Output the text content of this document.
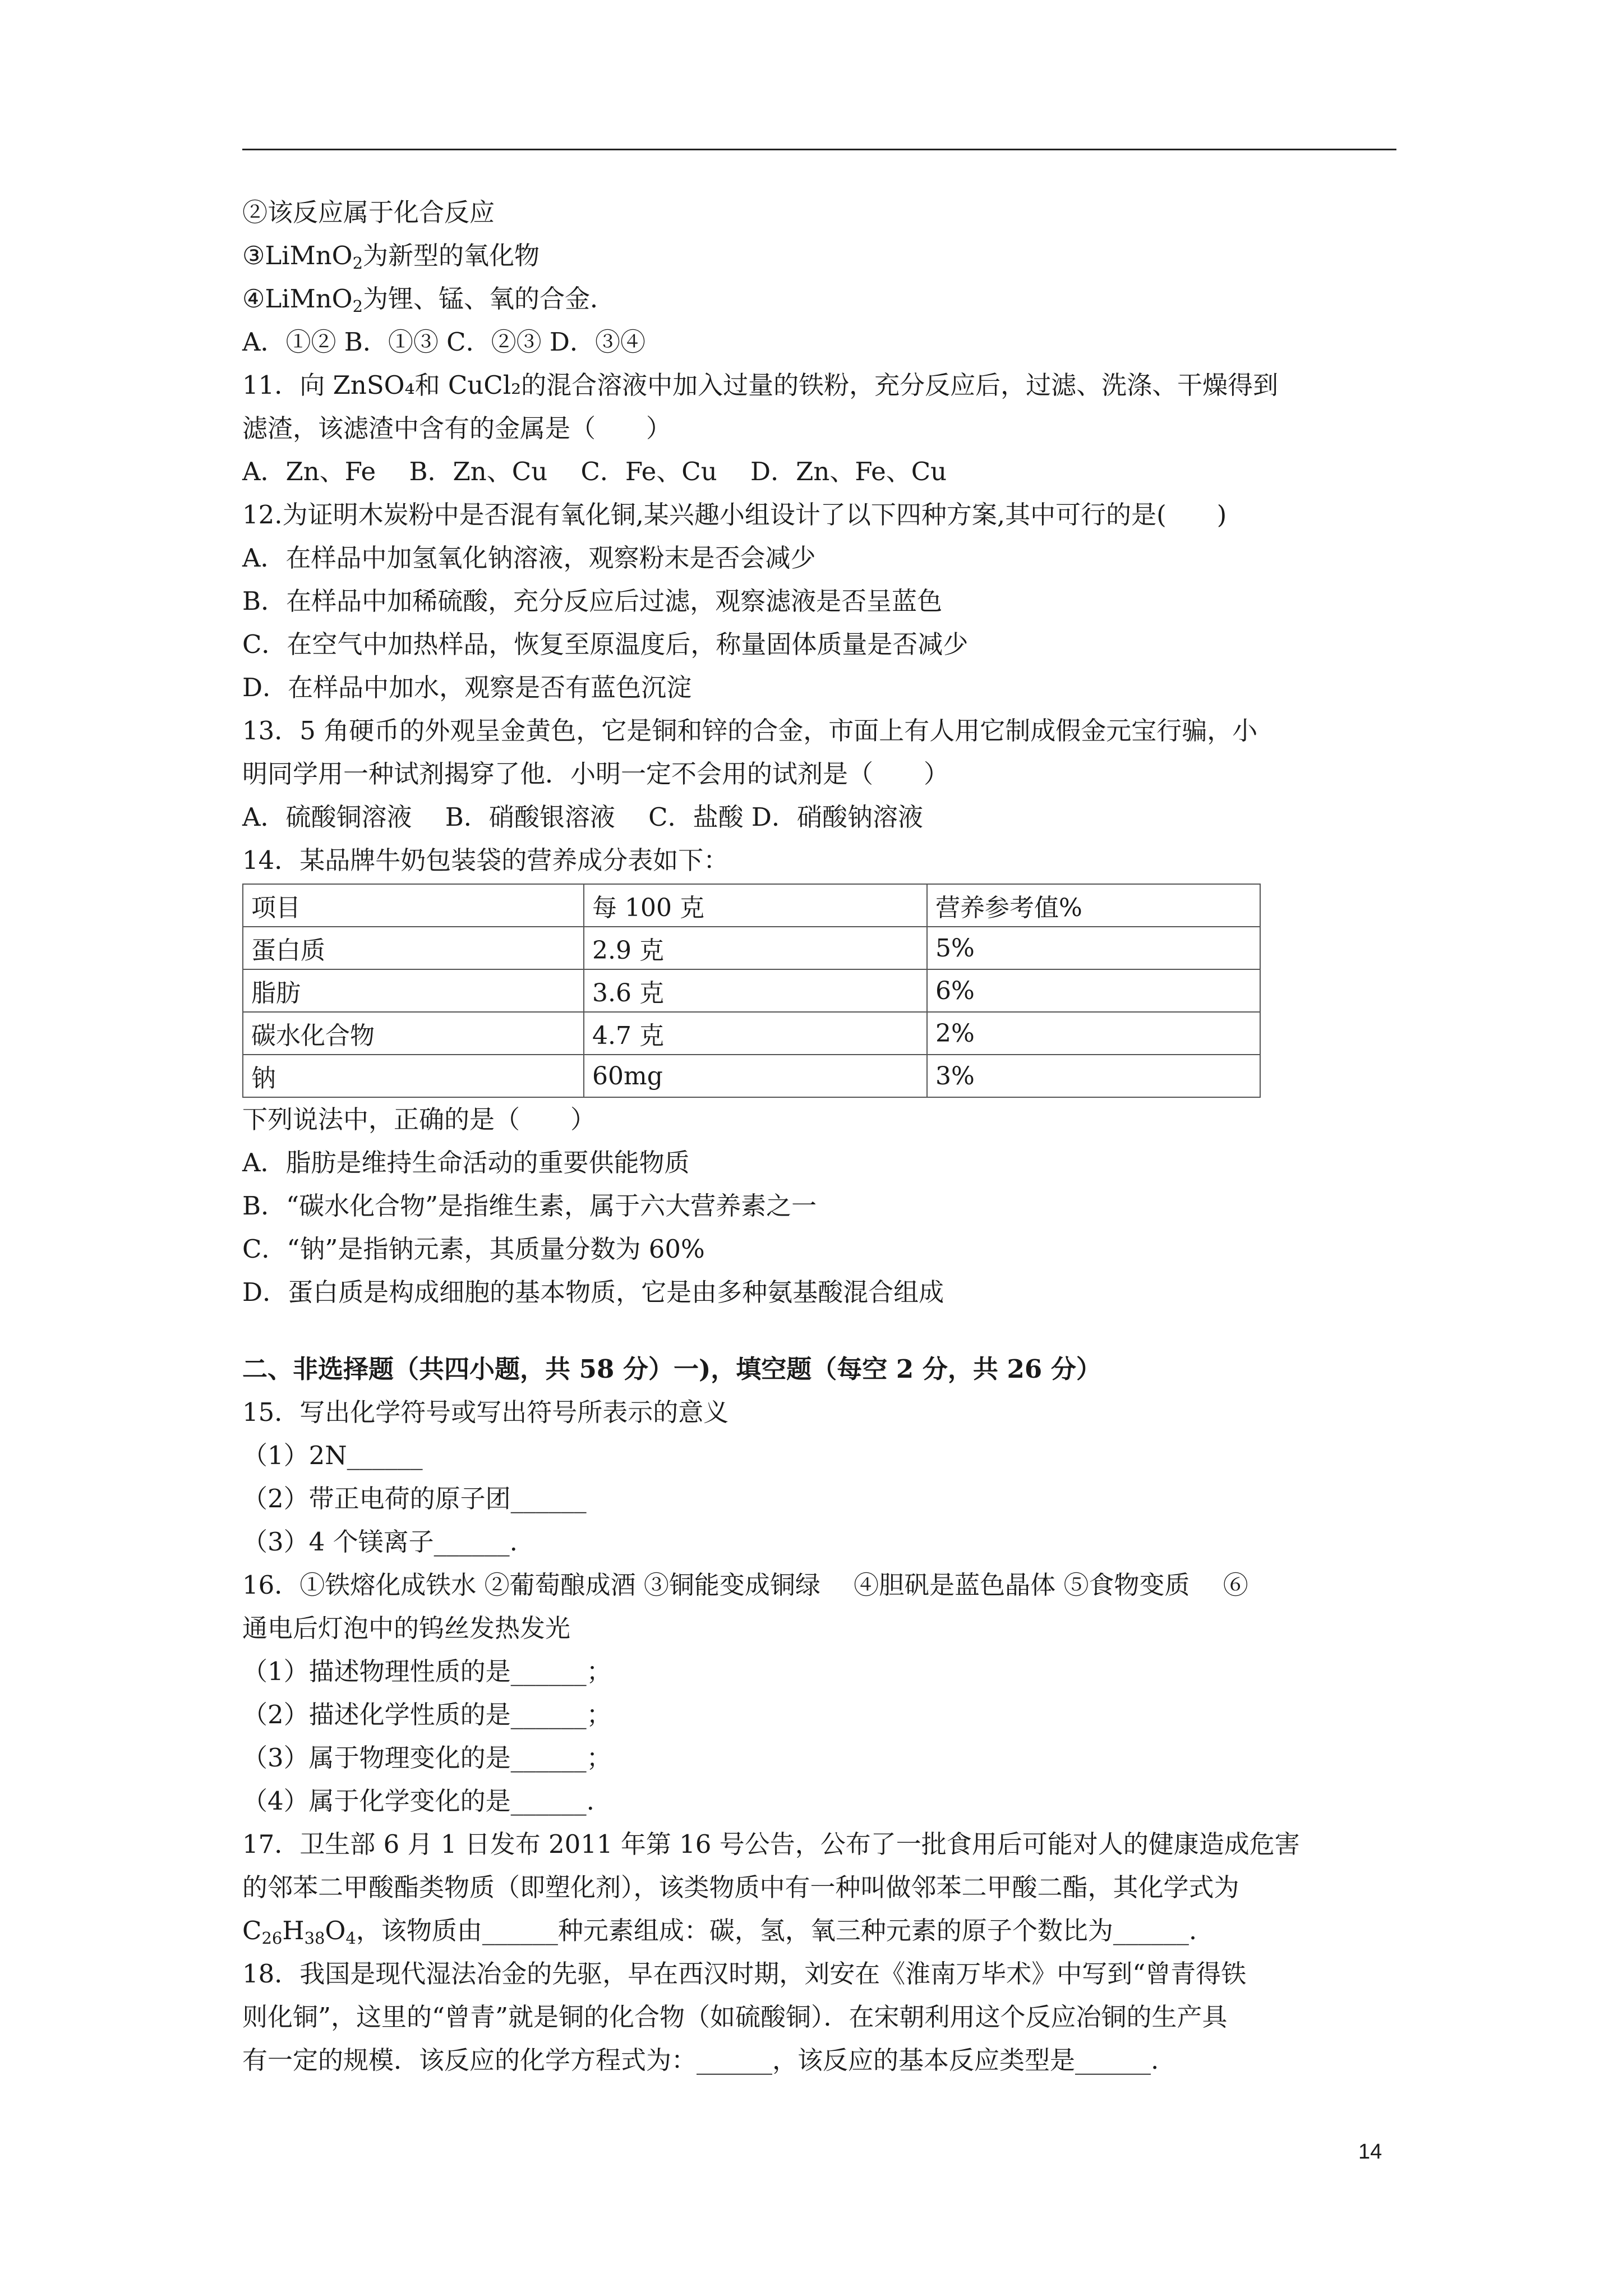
②该反应属于化合反应
③LiMnO$_2$为新型的氧化物
④LiMnO$_2$为锂、锰、氧的合金．
A．①② B．①③ C．②③ D．③④
11．向 ZnSO₄和 CuCl₂的混合溶液中加入过量的铁粉，充分反应后，过滤、洗涤、干燥得到
滤渣，该滤渣中含有的金属是（　　）
A．Zn、Fe　 B．Zn、Cu　 C．Fe、Cu　 D．Zn、Fe、Cu
12.为证明木炭粉中是否混有氧化铜,某兴趣小组设计了以下四种方案,其中可行的是(　　)
A．在样品中加氢氧化钠溶液，观察粉末是否会减少
B．在样品中加稀硫酸，充分反应后过滤，观察滤液是否呈蓝色
C．在空气中加热样品，恢复至原温度后，称量固体质量是否减少
D．在样品中加水，观察是否有蓝色沉淀
13．5 角硬币的外观呈金黄色，它是铜和锌的合金，市面上有人用它制成假金元宝行骗，小
明同学用一种试剂揭穿了他．小明一定不会用的试剂是（　　）
A．硫酸铜溶液　 B．硝酸银溶液　 C．盐酸 D．硝酸钠溶液
14．某品牌牛奶包装袋的营养成分表如下：
项目	每 100 克	营养参考值%
蛋白质	2.9 克	5%
脂肪	3.6 克	6%
碳水化合物	4.7 克	2%
钠	60mg	3%
下列说法中，正确的是（　　）
A．脂肪是维持生命活动的重要供能物质
B．“碳水化合物”是指维生素，属于六大营养素之一
C．“钠”是指钠元素，其质量分数为 60%
D．蛋白质是构成细胞的基本物质，它是由多种氨基酸混合组成
二、非选择题（共四小题，共 58 分）一)，填空题（每空 2 分，共 26 分）
15．写出化学符号或写出符号所表示的意义
（1）2N______
（2）带正电荷的原子团______
（3）4 个镁离子______.
16．①铁熔化成铁水 ②葡萄酿成酒 ③铜能变成铜绿　 ④胆矾是蓝色晶体 ⑤食物变质　 ⑥
通电后灯泡中的钨丝发热发光
（1）描述物理性质的是______；
（2）描述化学性质的是______；
（3）属于物理变化的是______；
（4）属于化学变化的是______.
17．卫生部 6 月 1 日发布 2011 年第 16 号公告，公布了一批食用后可能对人的健康造成危害
的邻苯二甲酸酯类物质（即塑化剂），该类物质中有一种叫做邻苯二甲酸二酯，其化学式为
$C_{26}H_{38}O_4$，该物质由______种元素组成：碳，氢，氧三种元素的原子个数比为______.
18．我国是现代湿法冶金的先驱，早在西汉时期，刘安在《淮南万毕术》中写到“曾青得铁
则化铜”，这里的“曾青”就是铜的化合物（如硫酸铜）．在宋朝利用这个反应冶铜的生产具
有一定的规模．该反应的化学方程式为：______，该反应的基本反应类型是______.
14
